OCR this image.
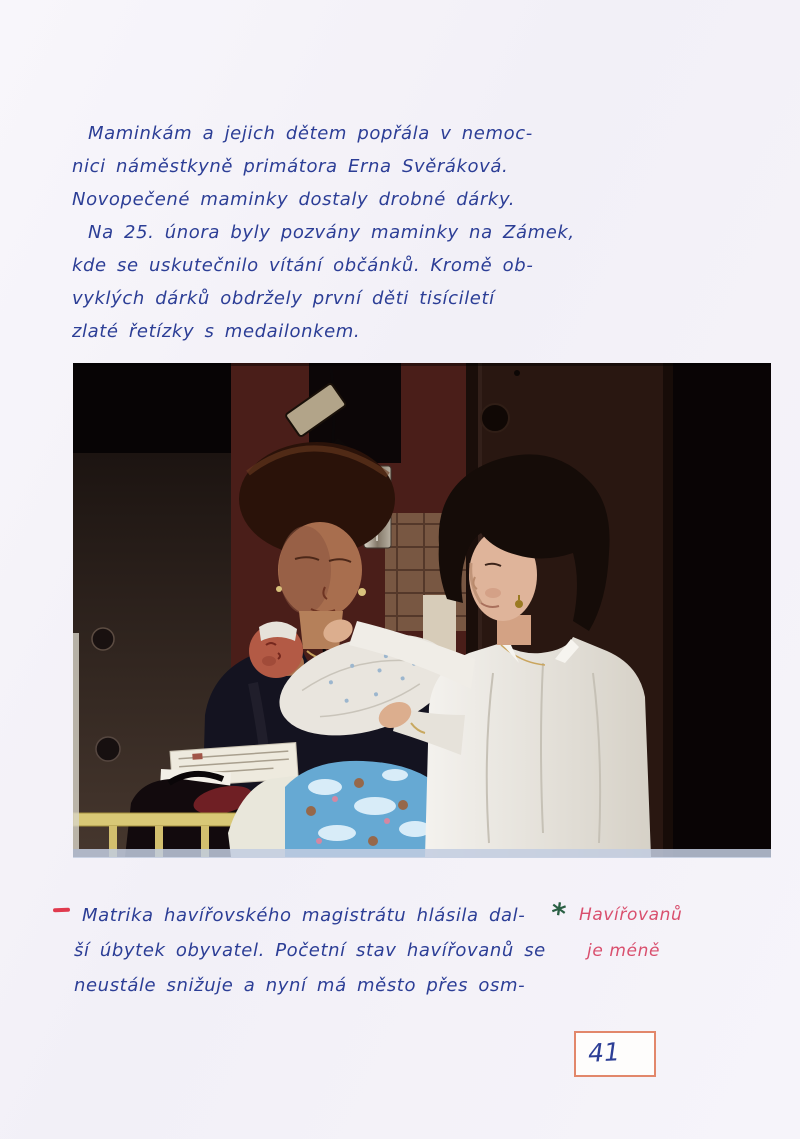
Maminkám a jejich dětem popřála v nemoc-
nici náměstkyně primátora Erna Svěráková.
Novopečené maminky dostaly drobné dárky.
Na 25. února byly pozvány maminky na Zámek,
kde se uskutečnilo vítání občánků. Kromě ob-
vyklých dárků obdržely první děti tisíciletí
zlaté řetízky s medailonkem.
Matrika havířovského magistrátu hlásila dal-
ší úbytek obyvatel. Početní stav havířovanů se
neustále snižuje a nyní má město přes osm-
* Havířovanů
je méně
41
